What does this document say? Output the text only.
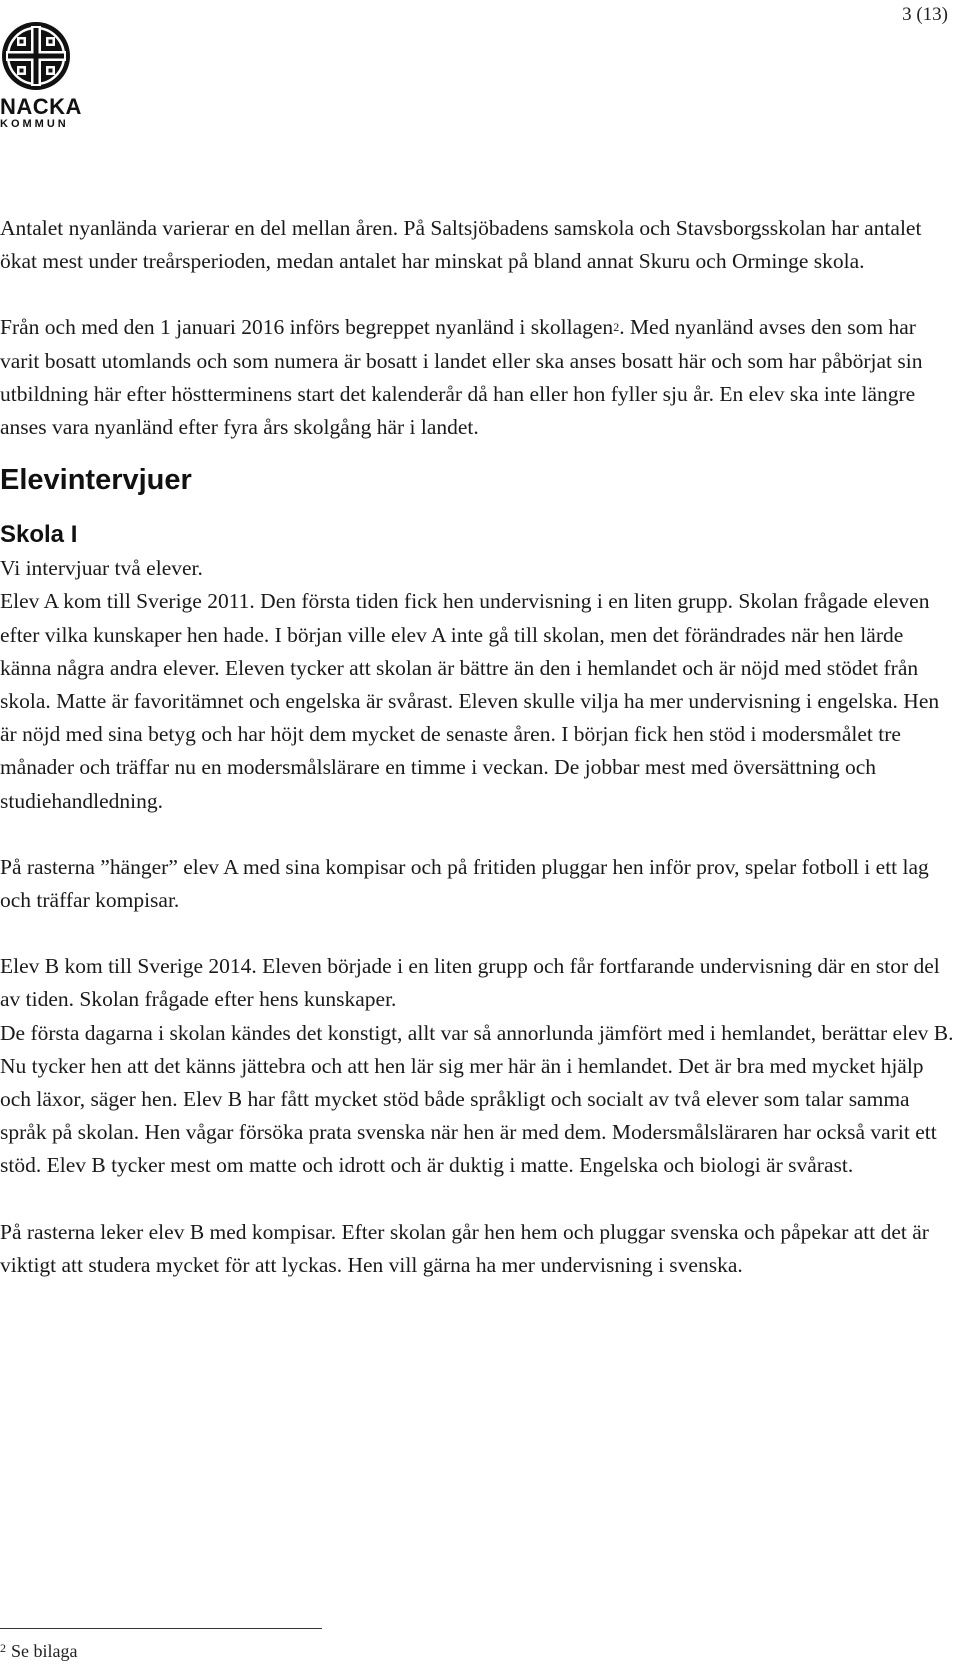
3 (13)
NACKA
KOMMUN

Antalet nyanlända varierar en del mellan åren. På Saltsjöbadens samskola och Stavsborgsskolan har antalet ökat mest under treårsperioden, medan antalet har minskat på bland annat Skuru och Orminge skola.

Från och med den 1 januari 2016 införs begreppet nyanländ i skollagen$^2$. Med nyanländ avses den som har varit bosatt utomlands och som numera är bosatt i landet eller ska anses bosatt här och som har påbörjat sin utbildning här efter höstterminens start det kalenderår då han eller hon fyller sju år. En elev ska inte längre anses vara nyanländ efter fyra års skolgång här i landet.

Elevintervjuer
Skola I

Vi intervjuar två elever.

Elev A kom till Sverige 2011. Den första tiden fick hen undervisning i en liten grupp. Skolan frågade eleven efter vilka kunskaper hen hade. I början ville elev A inte gå till skolan, men det förändrades när hen lärde känna några andra elever. Eleven tycker att skolan är bättre än den i hemlandet och är nöjd med stödet från skola. Matte är favoritämnet och engelska är svårast. Eleven skulle vilja ha mer undervisning i engelska. Hen är nöjd med sina betyg och har höjt dem mycket de senaste åren. I början fick hen stöd i modersmålet tre månader och träffar nu en modersmålslärare en timme i veckan. De jobbar mest med översättning och studiehandledning.

På rasterna ”hänger” elev A med sina kompisar och på fritiden pluggar hen inför prov, spelar fotboll i ett lag och träffar kompisar.

Elev B kom till Sverige 2014. Eleven började i en liten grupp och får fortfarande undervisning där en stor del av tiden. Skolan frågade efter hens kunskaper.

De första dagarna i skolan kändes det konstigt, allt var så annorlunda jämfört med i hemlandet, berättar elev B. Nu tycker hen att det känns jättebra och att hen lär sig mer här än i hemlandet. Det är bra med mycket hjälp och läxor, säger hen. Elev B har fått mycket stöd både språkligt och socialt av två elever som talar samma språk på skolan. Hen vågar försöka prata svenska när hen är med dem. Modersmålsläraren har också varit ett stöd. Elev B tycker mest om matte och idrott och är duktig i matte. Engelska och biologi är svårast.

På rasterna leker elev B med kompisar. Efter skolan går hen hem och pluggar svenska och påpekar att det är viktigt att studera mycket för att lyckas. Hen vill gärna ha mer undervisning i svenska.

$^2$ Se bilaga
